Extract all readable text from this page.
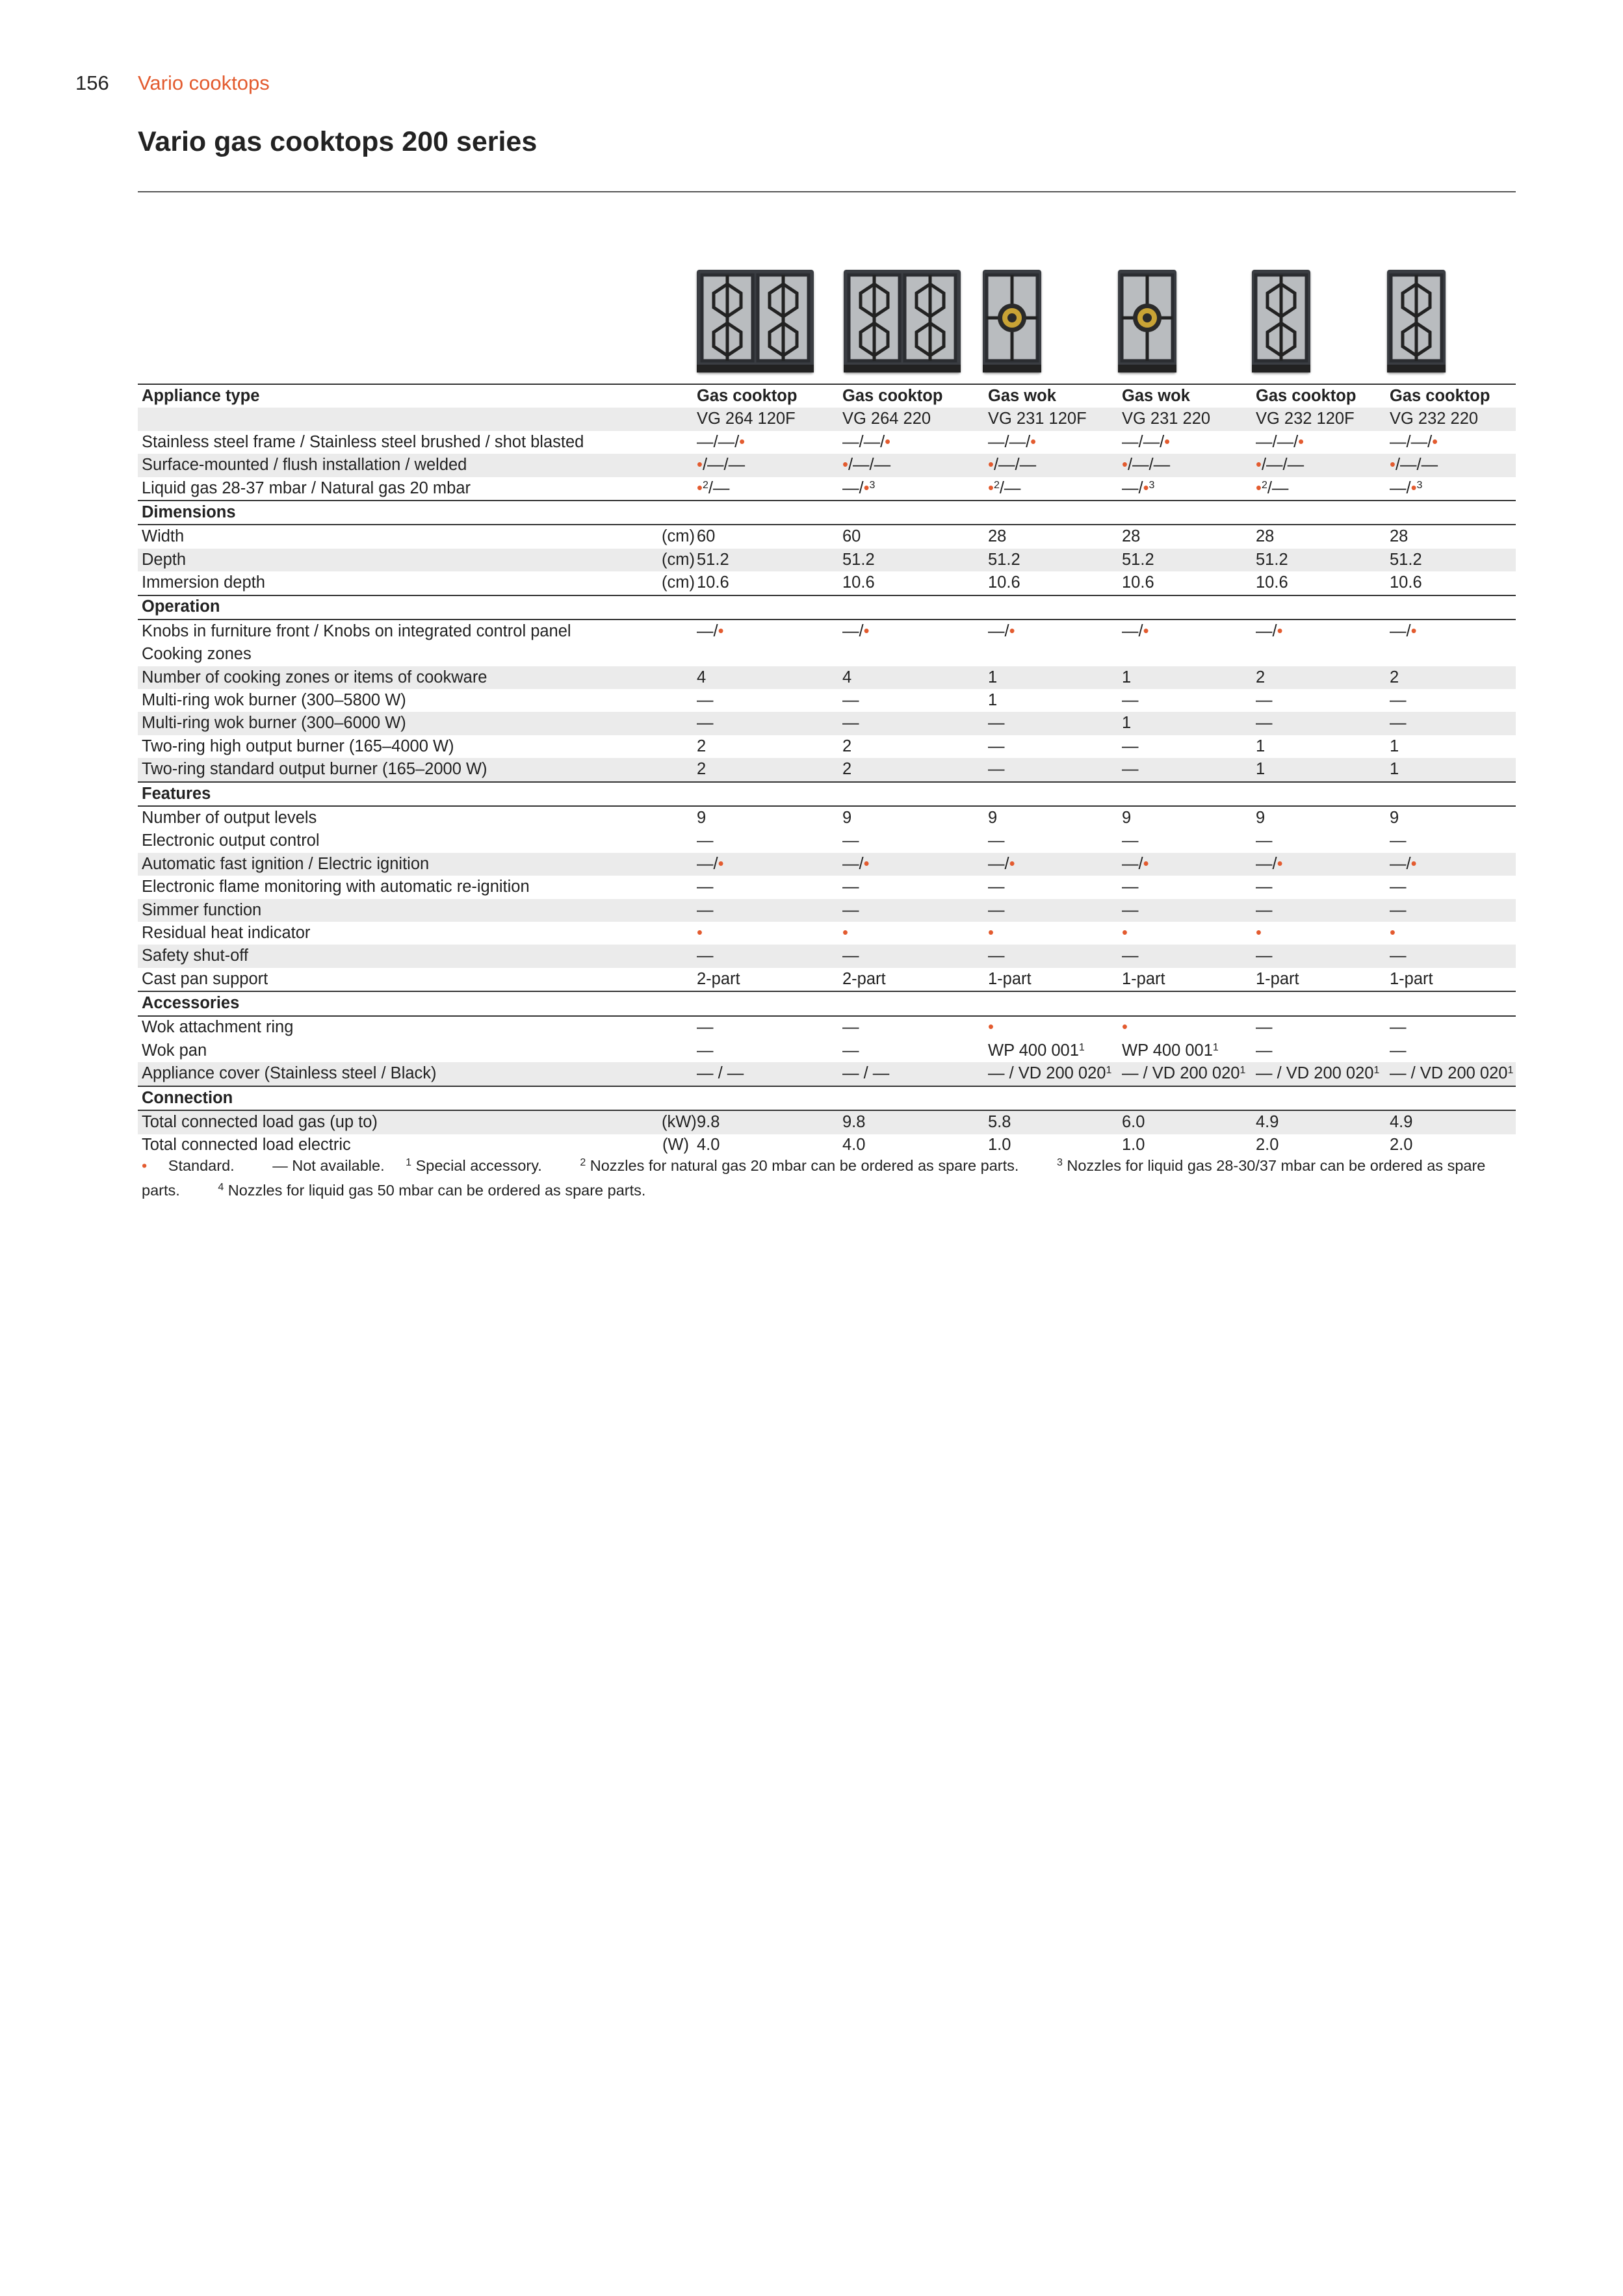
156 Vario cooktops
Vario gas cooktops 200 series
Appliance type		Gas cooktop	Gas cooktop	Gas wok	Gas wok	Gas cooktop	Gas cooktop
		VG 264 120F	VG 264 220	VG 231 120F	VG 231 220	VG 232 120F	VG 232 220
Stainless steel frame / Stainless steel brushed / shot blasted		—/—/•	—/—/•	—/—/•	—/—/•	—/—/•	—/—/•
Surface-mounted / flush installation / welded		•/—/—	•/—/—	•/—/—	•/—/—	•/—/—	•/—/—
Liquid gas 28-37 mbar / Natural gas 20 mbar		•$^2$/—	—/•$^3$	•$^2$/—	—/•$^3$	•$^2$/—	—/•$^3$
Dimensions							
Width	(cm)	60	60	28	28	28	28
Depth	(cm)	51.2	51.2	51.2	51.2	51.2	51.2
Immersion depth	(cm)	10.6	10.6	10.6	10.6	10.6	10.6
Operation							
Knobs in furniture front / Knobs on integrated control panel		—/•	—/•	—/•	—/•	—/•	—/•
Cooking zones							
Number of cooking zones or items of cookware		4	4	1	1	2	2
Multi-ring wok burner (300–5800 W)		—	—	1	—	—	—
Multi-ring wok burner (300–6000 W)		—	—	—	1	—	—
Two-ring high output burner (165–4000 W)		2	2	—	—	1	1
Two-ring standard output burner (165–2000 W)		2	2	—	—	1	1
Features							
Number of output levels		9	9	9	9	9	9
Electronic output control		—	—	—	—	—	—
Automatic fast ignition / Electric ignition		—/•	—/•	—/•	—/•	—/•	—/•
Electronic flame monitoring with automatic re-ignition		—	—	—	—	—	—
Simmer function		—	—	—	—	—	—
Residual heat indicator		•	•	•	•	•	•
Safety shut-off		—	—	—	—	—	—
Cast pan support		2-part	2-part	1-part	1-part	1-part	1-part
Accessories							
Wok attachment ring		—	—	•	•	—	—
Wok pan		—	—	WP 400 $001^1$	WP 400 $001^1$	—	—
Appliance cover (Stainless steel / Black)		— / —	— / —	— / VD 200 $020^1$	— / VD 200 $020^1$	— / VD 200 $020^1$	— / VD 200 $020^1$
Connection							
Total connected load gas (up to)	(kW)	9.8	9.8	5.8	6.0	4.9	4.9
Total connected load electric	(W)	4.0	4.0	1.0	1.0	2.0	2.0
• Standard. — Not available. $^1$ Special accessory.	$^2$ Nozzles for natural gas 20 mbar can be ordered as spare parts.	$^3$ Nozzles for liquid gas 28-30/37 mbar can be ordered as spare parts.	$^4$ Nozzles for liquid gas 50 mbar can be ordered as spare parts.
